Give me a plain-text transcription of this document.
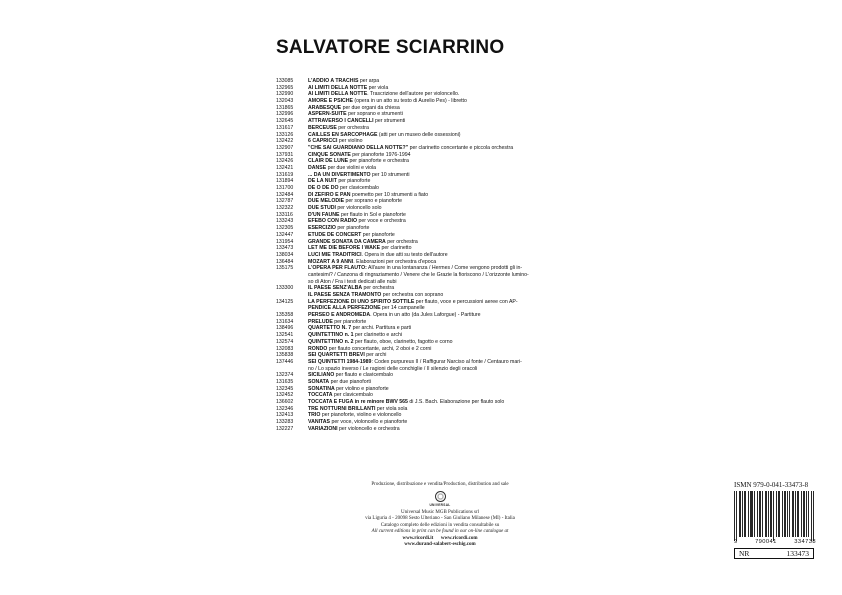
SALVATORE SCIARRINO
133085	L'ADDIO A TRACHIS per arpa
132965	AI LIMITI DELLA NOTTE per viola
132990	AI LIMITI DELLA NOTTE. Trascrizione dell'autore per violoncello.
132043	AMORE E PSICHE (opera in un atto su testo di Aurelio Pes) - libretto
131865	ARABESQUE per due organi da chiesa
132996	ASPERN-SUITE per soprano e strumenti
132645	ATTRAVERSO I CANCELLI per strumenti
131617	BERCEUSE per orchestra
133126	CAILLES EN SARCOPHAGE (atti per un museo delle ossessioni)
132422	6 CAPRICCI per violino
132907	"CHE SAI GUARDIANO DELLA NOTTE?" per clarinetto concertante e piccola orchestra
137931	CINQUE SONATE per pianoforte 1976-1994
132426	CLAIR DE LUNE per pianoforte e orchestra
132421	DANSE per due violini e viola
131619	... DA UN DIVERTIMENTO per 10 strumenti
131894	DE LA NUIT per pianoforte
131700	DE O DE DO per clavicembalo
132484	DI ZEFIRO E PAN poemetto per 10 strumenti a fiato
132787	DUE MELODIE per soprano e pianoforte
132322	DUE STUDI per violoncello solo
133116	D'UN FAUNE per flauto in Sol e pianoforte
133243	EFEBO CON RADIO per voce e orchestra
132305	ESERCIZIO per pianoforte
132447	ETUDE DE CONCERT per pianoforte
131954	GRANDE SONATA DA CAMERA per orchestra
133473	LET ME DIE BEFORE I WAKE per clarinetto
138034	LUCI MIE TRADITRICI. Opera in due atti su testo dell'autore
136484	MOZART A 9 ANNI. Elaborazioni per orchestra d'epoca
135175	L'OPERA PER FLAUTO: All'aure in una lontananza / Hermes / Come vengono prodotti gli in-
cantesimi? / Canzona di ringraziamento / Venere che le Grazie la fioriscono / L'orizzonte lumino-
so di Aton / Fra i testi dedicati alle nubi
133300	IL PAESE SENZ'ALBA per orchestra
IL PAESE SENZA TRAMONTO per orchestra con soprano
134125	LA PERFEZIONE DI UNO SPIRITO SOTTILE per flauto, voce e percussioni aeree con AP-
PENDICE ALLA PERFEZIONE per 14 campanelle
135358	PERSEO E ANDROMEDA. Opera in un atto (da Jules Laforgue) - Partiture
131634	PRELUDE per pianoforte
138496	QUARTETTO N. 7 per archi. Partitura e parti
132541	QUINTETTINO n. 1 per clarinetto e archi
132574	QUINTETTINO n. 2 per flauto, oboe, clarinetto, fagotto e corno
132083	RONDO per flauto concertante, archi, 2 oboi e 2 corni
135838	SEI QUARTETTI BREVI per archi
137446	SEI QUINTETTI 1984-1989: Codex purpureus II / Raffigurar Narciso al fonte / Centauro mari-
no / Lo spazio inverso / Le ragioni delle conchiglie / Il silenzio degli oracoli
132374	SICILIANO per flauto e clavicembalo
131635	SONATA per due pianoforti
132345	SONATINA per violino e pianoforte
132452	TOCCATA per clavicembalo
136602	TOCCATA E FUGA in re minore BWV 565 di J.S. Bach. Elaborazione per flauto solo
132346	TRE NOTTURNI BRILLANTI per viola sola
132413	TRIO per pianoforte, violino e violoncello
133283	VANITAS per voce, violoncello e pianoforte
132227	VARIAZIONI per violoncello e orchestra
Produzione, distribuzione e vendita/Production, distribution and sale
UNIVERSAL
Universal Music MGB Publications srl
via Liguria 4 - 20098 Sesto Ulteriano - San Giuliano Milanese (MI) - Italia
Catalogo completo delle edizioni in vendita consultabile su
All current editions in print can be found in our on-line catalogue at
www.ricordi.it www.ricordi.com
www.durand-salabert-eschig.com
ISMN 979-0-041-33473-8
9	790041	334738
NR	133473
